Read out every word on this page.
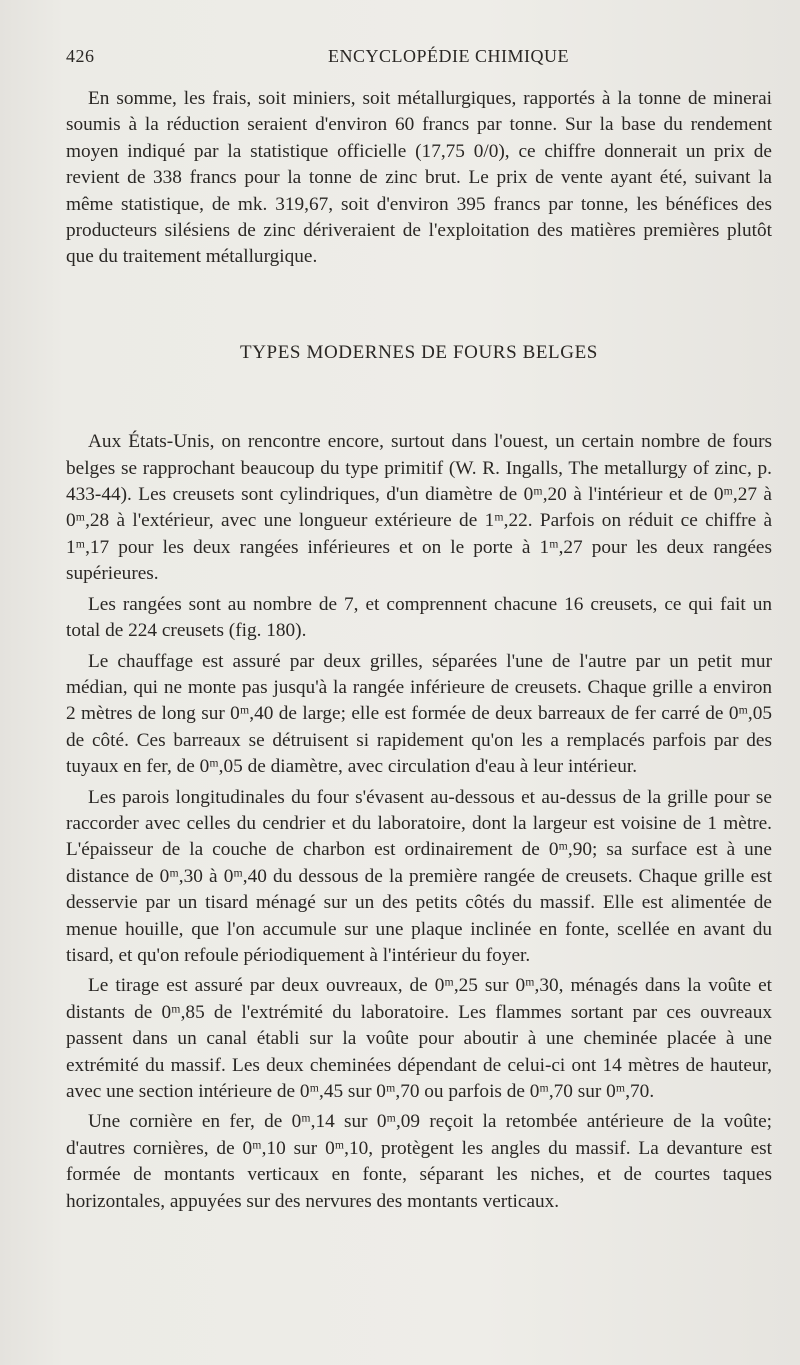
426	ENCYCLOPÉDIE CHIMIQUE

En somme, les frais, soit miniers, soit métallurgiques, rapportés à la tonne de minerai soumis à la réduction seraient d'environ 60 francs par tonne. Sur la base du rendement moyen indiqué par la statistique officielle (17,75 0/0), ce chiffre donnerait un prix de revient de 338 francs pour la tonne de zinc brut. Le prix de vente ayant été, suivant la même statistique, de mk. 319,67, soit d'environ 395 francs par tonne, les bénéfices des producteurs silésiens de zinc dériveraient de l'exploitation des matières premières plutôt que du traitement métallurgique.

TYPES MODERNES DE FOURS BELGES

Aux États-Unis, on rencontre encore, surtout dans l'ouest, un certain nombre de fours belges se rapprochant beaucoup du type primitif (W. R. Ingalls, The metallurgy of zinc, p. 433-44). Les creusets sont cylindriques, d'un diamètre de 0ᵐ,20 à l'intérieur et de 0ᵐ,27 à 0ᵐ,28 à l'extérieur, avec une longueur extérieure de 1ᵐ,22. Parfois on réduit ce chiffre à 1ᵐ,17 pour les deux rangées inférieures et on le porte à 1ᵐ,27 pour les deux rangées supérieures.

Les rangées sont au nombre de 7, et comprennent chacune 16 creusets, ce qui fait un total de 224 creusets (fig. 180).

Le chauffage est assuré par deux grilles, séparées l'une de l'autre par un petit mur médian, qui ne monte pas jusqu'à la rangée inférieure de creusets. Chaque grille a environ 2 mètres de long sur 0ᵐ,40 de large; elle est formée de deux barreaux de fer carré de 0ᵐ,05 de côté. Ces barreaux se détruisent si rapidement qu'on les a remplacés parfois par des tuyaux en fer, de 0ᵐ,05 de diamètre, avec circulation d'eau à leur intérieur.

Les parois longitudinales du four s'évasent au-dessous et au-dessus de la grille pour se raccorder avec celles du cendrier et du laboratoire, dont la largeur est voisine de 1 mètre. L'épaisseur de la couche de charbon est ordinairement de 0ᵐ,90; sa surface est à une distance de 0ᵐ,30 à 0ᵐ,40 du dessous de la première rangée de creusets. Chaque grille est desservie par un tisard ménagé sur un des petits côtés du massif. Elle est alimentée de menue houille, que l'on accumule sur une plaque inclinée en fonte, scellée en avant du tisard, et qu'on refoule périodiquement à l'intérieur du foyer.

Le tirage est assuré par deux ouvreaux, de 0ᵐ,25 sur 0ᵐ,30, ménagés dans la voûte et distants de 0ᵐ,85 de l'extrémité du laboratoire. Les flammes sortant par ces ouvreaux passent dans un canal établi sur la voûte pour aboutir à une cheminée placée à une extrémité du massif. Les deux cheminées dépendant de celui-ci ont 14 mètres de hauteur, avec une section intérieure de 0ᵐ,45 sur 0ᵐ,70 ou parfois de 0ᵐ,70 sur 0ᵐ,70.

Une cornière en fer, de 0ᵐ,14 sur 0ᵐ,09 reçoit la retombée antérieure de la voûte; d'autres cornières, de 0ᵐ,10 sur 0ᵐ,10, protègent les angles du massif. La devanture est formée de montants verticaux en fonte, séparant les niches, et de courtes taques horizontales, appuyées sur des nervures des montants verticaux.
